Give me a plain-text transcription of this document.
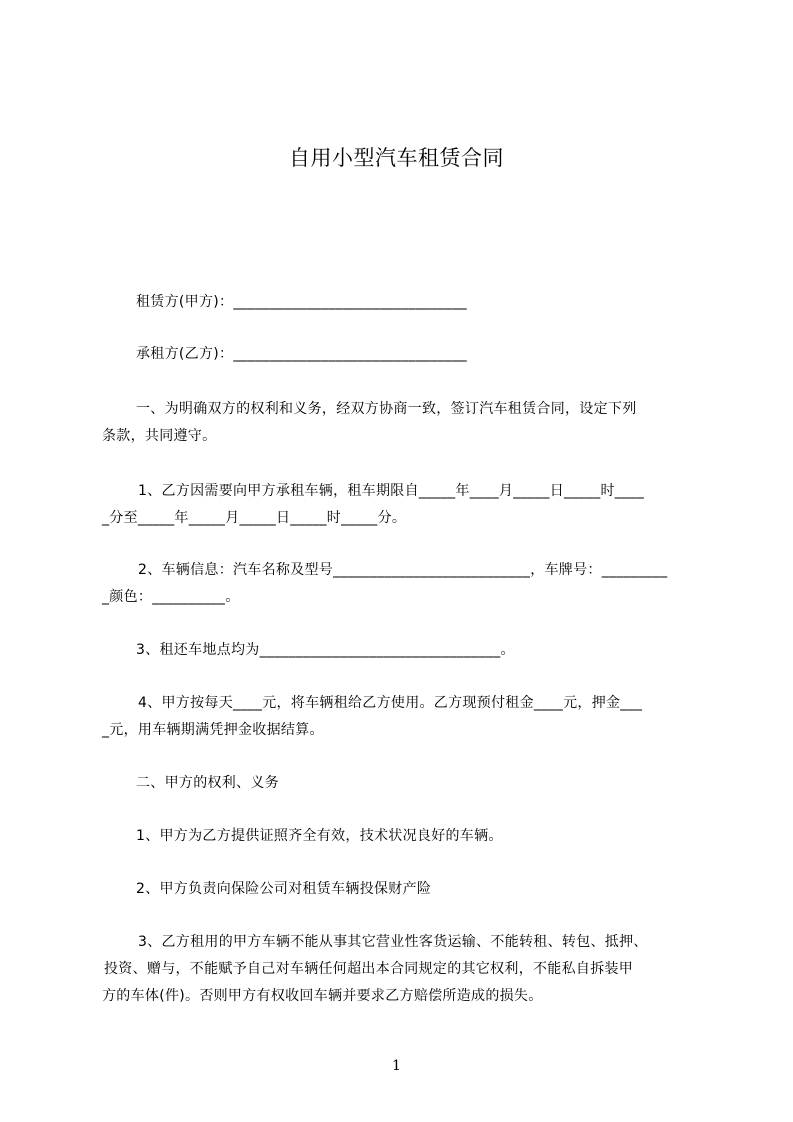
自用小型汽车租赁合同
租赁方(甲方)：________________________________
承租方(乙方)：________________________________
一、为明确双方的权利和义务，经双方协商一致，签订汽车租赁合同，设定下列
条款，共同遵守。
1、乙方因需要向甲方承租车辆，租车期限自_____年____月_____日_____时____
_分至_____年_____月_____日_____时_____分。
2、车辆信息：汽车名称及型号___________________________，车牌号：_________
_颜色：__________。
3、租还车地点均为_________________________________。
4、甲方按每天____元，将车辆租给乙方使用。乙方现预付租金____元，押金___
_元，用车辆期满凭押金收据结算。
二、甲方的权利、义务
1、甲方为乙方提供证照齐全有效，技术状况良好的车辆。
2、甲方负责向保险公司对租赁车辆投保财产险
3、乙方租用的甲方车辆不能从事其它营业性客货运输、不能转租、转包、抵押、
投资、赠与，不能赋予自己对车辆任何超出本合同规定的其它权利，不能私自拆装甲
方的车体(件)。否则甲方有权收回车辆并要求乙方赔偿所造成的损失。
1
